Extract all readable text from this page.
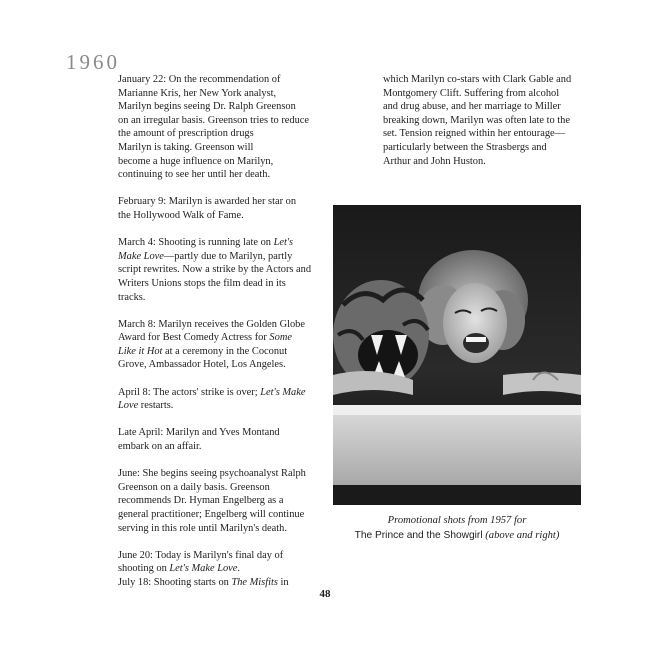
1960
January 22: On the recommendation of
Marianne Kris, her New York analyst,
Marilyn begins seeing Dr. Ralph Greenson
on an irregular basis. Greenson tries to reduce
the amount of prescription drugs
Marilyn is taking. Greenson will
become a huge influence on Marilyn,
continuing to see her until her death.
February 9: Marilyn is awarded her star on
the Hollywood Walk of Fame.
March 4: Shooting is running late on Let's
Make Love—partly due to Marilyn, partly
script rewrites. Now a strike by the Actors and
Writers Unions stops the film dead in its
tracks.
March 8: Marilyn receives the Golden Globe
Award for Best Comedy Actress for Some
Like it Hot at a ceremony in the Coconut
Grove, Ambassador Hotel, Los Angeles.
April 8: The actors' strike is over; Let's Make
Love restarts.
Late April: Marilyn and Yves Montand
embark on an affair.
June: She begins seeing psychoanalyst Ralph
Greenson on a daily basis. Greenson
recommends Dr. Hyman Engelberg as a
general practitioner; Engelberg will continue
serving in this role until Marilyn's death.
June 20: Today is Marilyn's final day of
shooting on Let's Make Love.
July 18: Shooting starts on The Misfits in
which Marilyn co-stars with Clark Gable and
Montgomery Clift. Suffering from alcohol
and drug abuse, and her marriage to Miller
breaking down, Marilyn was often late to the
set. Tension reigned within her entourage—
particularly between the Strasbergs and
Arthur and John Huston.
Promotional shots from 1957 for
The Prince and the Showgirl (above and right)
48
